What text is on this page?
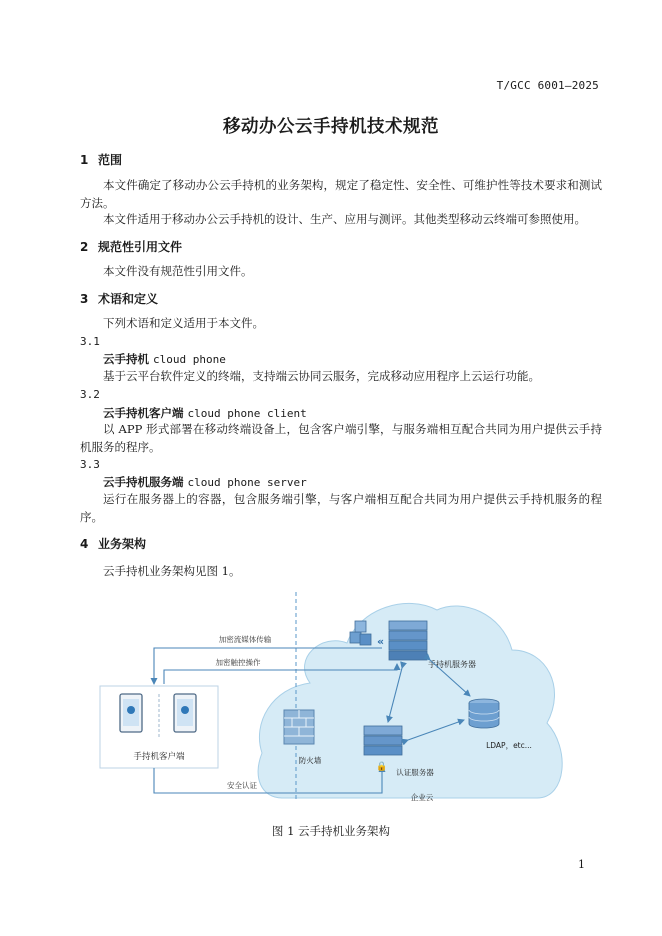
T/GCC 6001—2025
移动办公云手持机技术规范
1 范围
本文件确定了移动办公云手持机的业务架构，规定了稳定性、安全性、可维护性等技术要求和测试方法。
本文件适用于移动办公云手持机的设计、生产、应用与测评。其他类型移动云终端可参照使用。
2 规范性引用文件
本文件没有规范性引用文件。
3 术语和定义
下列术语和定义适用于本文件。
3.1
云手持机 cloud phone
基于云平台软件定义的终端，支持端云协同云服务，完成移动应用程序上云运行功能。
3.2
云手持机客户端 cloud phone client
以 APP 形式部署在移动终端设备上，包含客户端引擎，与服务端相互配合共同为用户提供云手持机服务的程序。
3.3
云手持机服务端 cloud phone server
运行在服务器上的容器，包含服务端引擎，与客户端相互配合共同为用户提供云手持机服务的程序。
4 业务架构
云手持机业务架构见图 1。
手持机客户端
加密流媒体传输
加密触控操作
安全认证
防火墙
«
手持机服务器
🔒
认证服务器
LDAP，etc...
企业云
图 1 云手持机业务架构
1
